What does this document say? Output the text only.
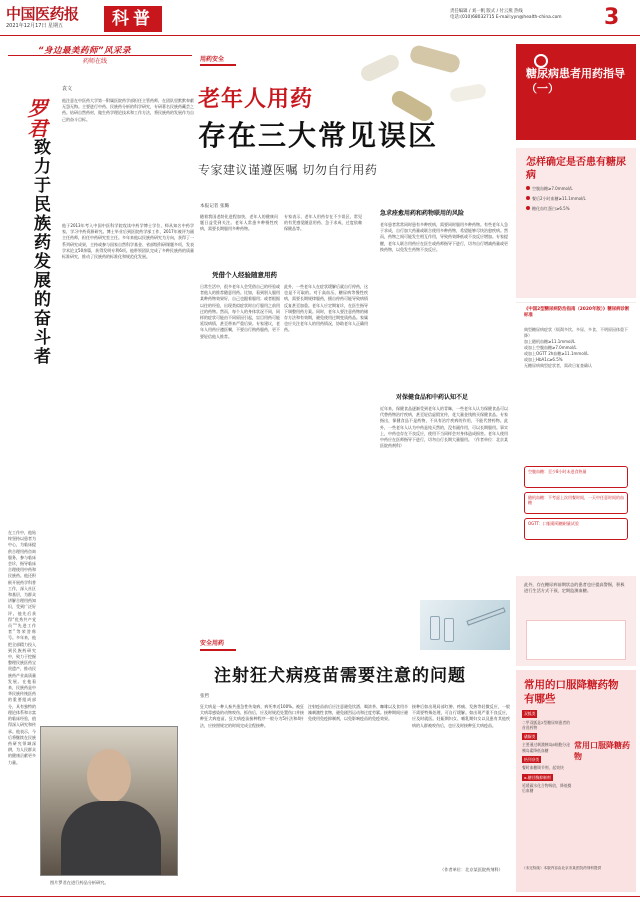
中国医药报
2021年12月17日 星期五	科普	责任编辑 / 刘一帆 版式 / 付云燕 热线
电话:(010)68032715 E-mail:yyn@health-china.com	3
“身边最美药师”风采录
药师在线
袁文
他注意在中医药大学第一附属医院药学部担任主管药师，在团队里默默奉献无怨无悔。主要进行中药、民族药分析的科学研究，专研著名民族药藏芸之药。钻研自然药材，做生药学理论技术和工作方法，将民族药的发展作为自己的奋斗目标。
罗君
致力于民族药发展的奋斗者	他于2013年考入中国中医科学院攻读中药学博士学位，师从知名中药学家，学习中药资源研究。博士毕业后到医院药学部工作，2017年被评为副主任药师，担任中药研究室主任。多年来他以民族药研究为方向，获得了一系列研究成果，主持或参与国家自然科学基金、省部级科研课题多项，发表学术论文50余篇，获得发明专利6项。他带领团队完成了多种民族药的质量标准研究，推动了民族药的标准化和规范化发展。
在工作中，他始终坚持以患者为中心，为临床提供合理用药咨询服务，参与临床会诊，指导临床合理使用中药和民族药。他还积极开展药学科普工作，深入社区和基层，为群众讲解合理用药知识，受到广泛好评。他先后获得“优秀共产党员”“先进工作者”等荣誉称号。多年来，他把全部精力投入到民族药研究中，致力于挖掘整理民族医药宝贵遗产，推动民族药产业高质量发展。在他看来，民族药是中华民族传统医药的重要组成部分，具有独特的理论体系和丰富的临床经验，值得深入研究和传承。他表示，今后将继续在民族药研究领域深耕，为人民群众的健康贡献更多力量。
图片罗君在进行药品分析研究。
用药安全
老年人用药
存在三大常见误区
专家建议谨遵医嘱 切勿自行用药
本报记者 张璐
随着我国老龄化进程加快，老年人的健康问题日益受到关注。老年人常患多种慢性疾病，需要长期服用多种药物。
专家表示，老年人用药存在不少误区，常见的有凭感觉随意用药、急于求成、过度依赖保健品等。
急求痊愈用药和药物联用的风险
老年患者常常同时患有多种疾病，需要同时服用多种药物。有些老年人急于求成，自行加大药量或联合使用多种药物，希望能够尽快治愈疾病。然而，药物之间可能发生相互作用，导致药效降低或不良反应增加。专家提醒，老年人联合用药应在医生或药师指导下进行，切勿自行增减药量或更换药物，以免发生药物不良反应。
凭借个人经验随意用药
日常生活中，很多老年人会凭借自己的经验或者他人的推荐随意用药。比如，看到别人服用某种药物效果好，自己也跟着服用；或者根据以往的经验，出现类似症状时自行服用之前用过的药物。然而，每个人的身体状况不同，同样的症状可能由不同原因引起，盲目用药可能延误病情，甚至带来严重后果。专家建议，老年人用药应遵医嘱，不要自行购药服药，更不要轻信他人推荐。
此外，一些老年人在症状缓解后就自行停药，这也是不可取的。对于高血压、糖尿病等慢性疾病，需要长期规律服药，擅自停药可能导致病情反复甚至加重。老年人应定期复诊，在医生指导下调整用药方案。同时，老年人要注意药物的储存方法和有效期，避免使用过期变质药品。家属也应关注老年人的用药情况，协助老年人正确用药。
对保健食品和中药认知不足
近年来，保健食品逐渐受到老年人的青睐，一些老年人认为保健食品可以代替药物治疗疾病，甚至轻信虚假宣传，花大量金钱购买保健食品。专家指出，保健食品不是药物，不具有治疗疾病的作用，不能代替药物。此外，一些老年人认为中药是纯天然的，没有副作用，可以长期服用。事实上，中药也存在不良反应，使用不当同样会对身体造成损害。老年人使用中药应在医师指导下进行，切勿自行长期大量服用。（作者单位：北京某医院药剂科）
安全用药
注射狂犬病疫苗需要注意的问题
张哲
狂犬病是一种人畜共患急性传染病，病死率近100%。被狂犬病毒感染的动物咬伤、抓伤后，应及时规范处置伤口并接种狂犬病疫苗。狂犬病疫苗接种程序一般分为5针法和4针法，应按照规定的时间完成全程接种。
注射疫苗前后应注意避免饮酒、喝浓茶、咖啡以及食用辛辣刺激性食物，避免剧烈运动和过度劳累。接种期间应避免使用免疫抑制剂，以免影响疫苗的免疫效果。
接种后如出现局部红肿、疼痛、发热等轻微反应，一般不需要特殊处理，可自行缓解。如出现严重不良反应，应及时就医。妊娠期妇女、哺乳期妇女以及患有其他疾病的人群被咬伤后，也应及时接种狂犬病疫苗。
（作者单位：北京某医院药剂科）
糖尿病患者用药指导（一）
怎样确定是否患有糖尿病
空腹血糖≥7.0mmol/L
餐后2小时血糖≥11.1mmol/L
糖化血红蛋白≥6.5%
《中国2型糖尿病防治指南（2020年版）》糖尿病诊断标准
典型糖尿病症状（烦渴多饮、多尿、多食、不明原因体重下降）
加上随机血糖≥11.1mmol/L
或加上空腹血糖≥7.0mmol/L
或加上OGTT 2h血糖≥11.1mmol/L
或加上HbA1c≥6.5%
无糖尿病典型症状者，需改日复查确认
空腹血糖：至少8小时未进食热量
随机血糖：不考虑上次用餐时间，一天中任意时间的血糖
OGTT：口服葡萄糖耐量试验
此外，存在糖尿病前期状态的患者也应提高警惕，积极进行生活方式干预，定期监测血糖。
常用的口服降糖药物有哪些
双胍类
二甲双胍是2型糖尿病患者的首选药物
磺脲类
主要通过刺激胰岛β细胞分泌胰岛素降低血糖
格列奈类
餐时血糖调节剂，起效快
α-糖苷酶抑制剂
延缓碳水化合物吸收，降低餐后血糖
常用口服降糖药物
（未完待续）本版内容由北京市某医院药剂科提供
